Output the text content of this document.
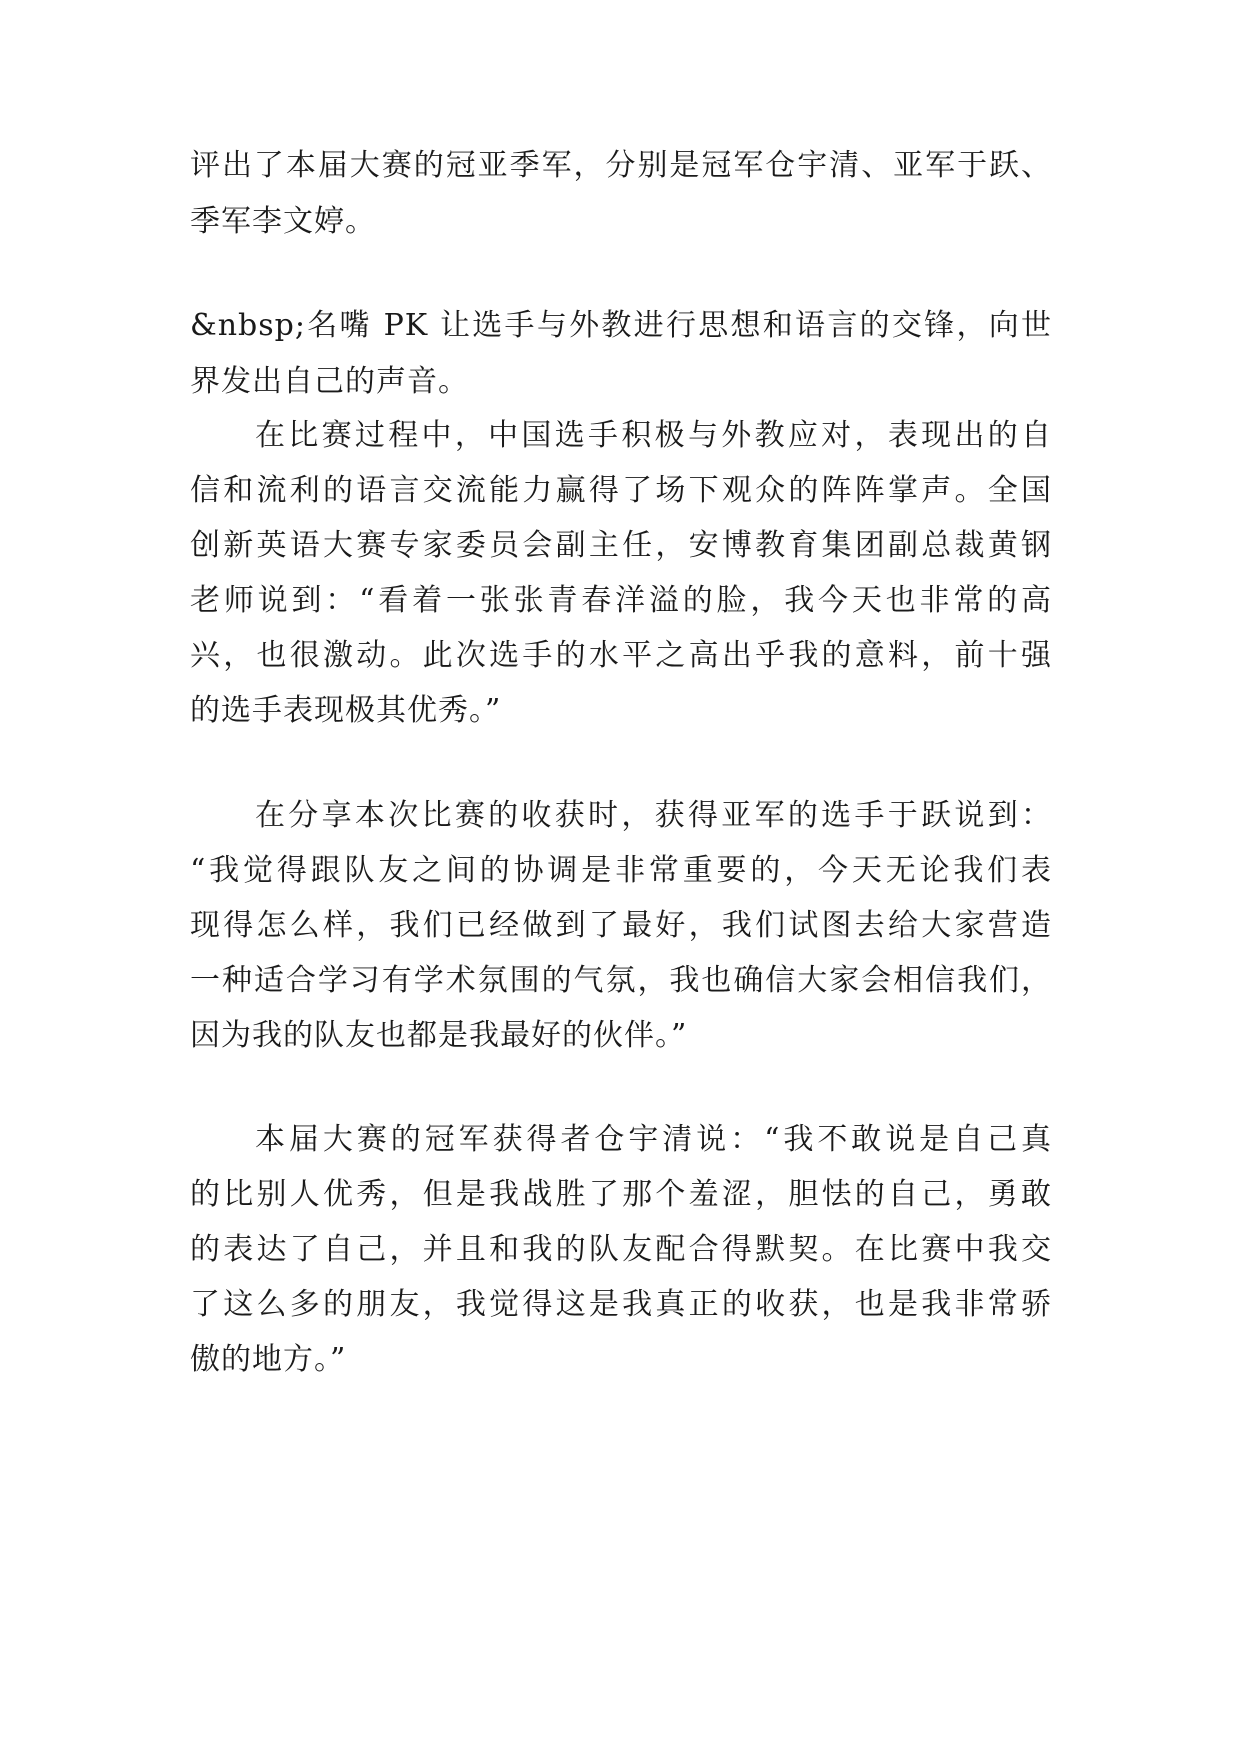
评出了本届大赛的冠亚季军，分别是冠军仓宇清、亚军于跃、
季军李文婷。
&nbsp;名嘴 PK 让选手与外教进行思想和语言的交锋，向世
界发出自己的声音。
在比赛过程中，中国选手积极与外教应对，表现出的自
信和流利的语言交流能力赢得了场下观众的阵阵掌声。全国
创新英语大赛专家委员会副主任，安博教育集团副总裁黄钢
老师说到：“看着一张张青春洋溢的脸，我今天也非常的高
兴，也很激动。此次选手的水平之高出乎我的意料，前十强
的选手表现极其优秀。”
在分享本次比赛的收获时，获得亚军的选手于跃说到：
“我觉得跟队友之间的协调是非常重要的，今天无论我们表
现得怎么样，我们已经做到了最好，我们试图去给大家营造
一种适合学习有学术氛围的气氛，我也确信大家会相信我们，
因为我的队友也都是我最好的伙伴。”
本届大赛的冠军获得者仓宇清说：“我不敢说是自己真
的比别人优秀，但是我战胜了那个羞涩，胆怯的自己，勇敢
的表达了自己，并且和我的队友配合得默契。在比赛中我交
了这么多的朋友，我觉得这是我真正的收获，也是我非常骄
傲的地方。”
